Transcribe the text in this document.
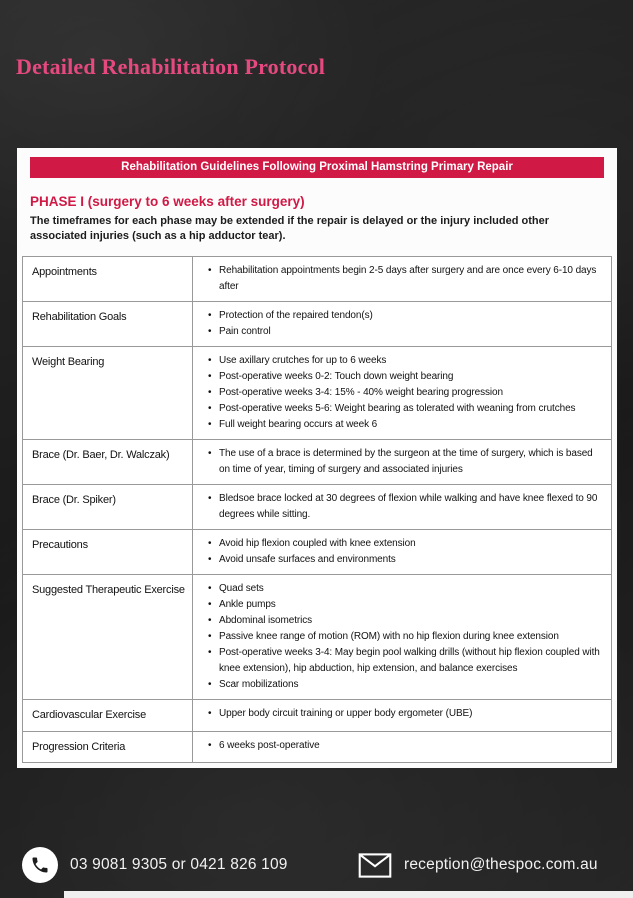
Detailed Rehabilitation Protocol
Rehabilitation Guidelines Following Proximal Hamstring Primary Repair
PHASE I (surgery to 6 weeks after surgery)

The timeframes for each phase may be extended if the repair is delayed or the injury included other associated injuries (such as a hip adductor tear).

Appointments	• Rehabilitation appointments begin 2-5 days after surgery and are once every 6-10 days after
Rehabilitation Goals	• Protection of the repaired tendon(s)
• Pain control
Weight Bearing	• Use axillary crutches for up to 6 weeks
• Post-operative weeks 0-2: Touch down weight bearing
• Post-operative weeks 3-4: 15% - 40% weight bearing progression
• Post-operative weeks 5-6: Weight bearing as tolerated with weaning from crutches
• Full weight bearing occurs at week 6
Brace (Dr. Baer, Dr. Walczak)	• The use of a brace is determined by the surgeon at the time of surgery, which is based on time of year, timing of surgery and associated injuries
Brace (Dr. Spiker)	• Bledsoe brace locked at 30 degrees of flexion while walking and have knee flexed to 90 degrees while sitting.
Precautions	• Avoid hip flexion coupled with knee extension
• Avoid unsafe surfaces and environments
Suggested Therapeutic Exercise	• Quad sets
• Ankle pumps
• Abdominal isometrics
• Passive knee range of motion (ROM) with no hip flexion during knee extension
• Post-operative weeks 3-4: May begin pool walking drills (without hip flexion coupled with knee extension), hip abduction, hip extension, and balance exercises
• Scar mobilizations
Cardiovascular Exercise	• Upper body circuit training or upper body ergometer (UBE)
Progression Criteria	• 6 weeks post-operative
03 9081 9305 or 0421 826 109	reception@thespoc.com.au
